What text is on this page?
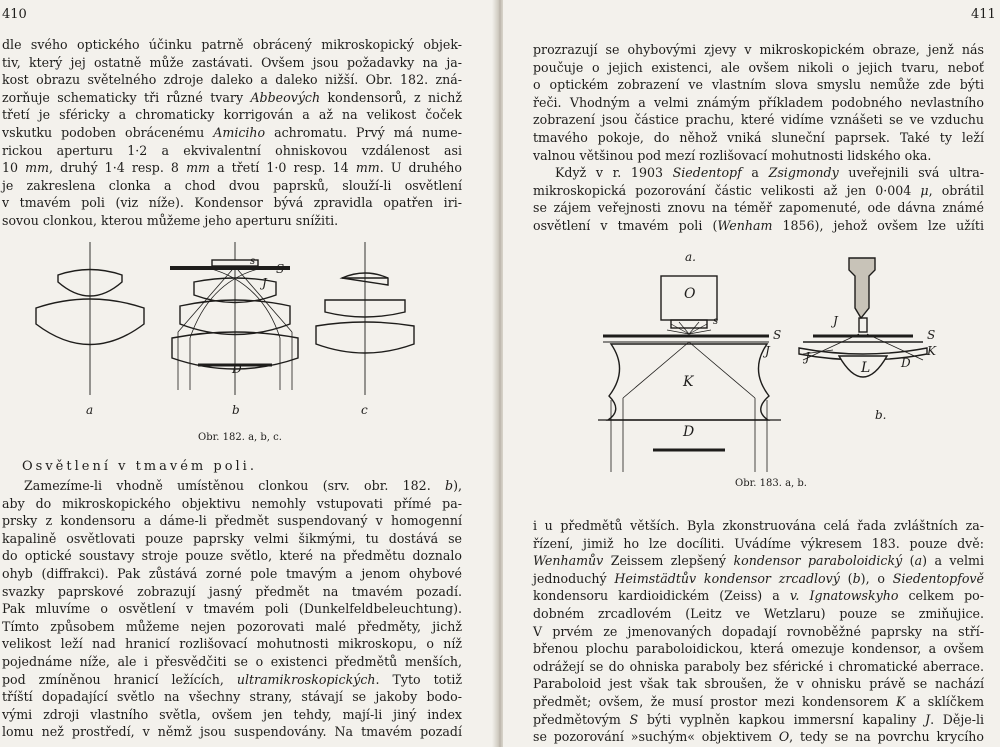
410

dle svého optického účinku patrně obrácený mikroskopický objek-

tiv, který jej ostatně může zastávati. Ovšem jsou požadavky na ja-

kost obrazu světelného zdroje daleko a daleko nižší. Obr. 182. zná-

zorňuje schematicky tři různé tvary Abbeových kondensorů, z nichž

třetí je sféricky a chromaticky korrigován a až na velikost čoček

vskutku podoben obrácenému Amiciho achromatu. Prvý má nume-

rickou aperturu 1·2 a ekvivalentní ohniskovou vzdálenost asi

10 mm, druhý 1·4 resp. 8 mm a třetí 1·0 resp. 14 mm. U druhého

je zakreslena clonka a chod dvou paprsků, slouží-li osvětlení

v tmavém poli (viz níže). Kondensor bývá zpravidla opatřen iri-

sovou clonkou, kterou můžeme jeho aperturu snížiti.

S
s
J
D
a	b	c
Obr. 182. a, b, c.
Osvětlení v tmavém poli.

Zamezíme-li vhodně umístěnou clonkou (srv. obr. 182. b),

aby do mikroskopického objektivu nemohly vstupovati přímé pa-

prsky z kondensoru a dáme-li předmět suspendovaný v homogenní

kapalině osvětlovati pouze paprsky velmi šikmými, tu dostává se

do optické soustavy stroje pouze světlo, které na předmětu doznalo

ohyb (diffrakci). Pak zůstává zorné pole tmavým a jenom ohybové

svazky paprskové zobrazují jasný předmět na tmavém pozadí.

Pak mluvíme o osvětlení v tmavém poli (Dunkelfeldbeleuchtung).

Tímto způsobem můžeme nejen pozorovati malé předměty, jichž

velikost leží nad hranicí rozlišovací mohutnosti mikroskopu, o níž

pojednáme níže, ale i přesvědčiti se o existenci předmětů menších,

pod zmíněnou hranicí ležících, ultramikroskopických. Tyto totiž

tříští dopadající světlo na všechny strany, stávají se jakoby bodo-

vými zdroji vlastního světla, ovšem jen tehdy, mají-li jiný index

lomu než prostředí, v němž jsou suspendovány. Na tmavém pozadí

411

prozrazují se ohybovými zjevy v mikroskopickém obraze, jenž nás

poučuje o jejich existenci, ale ovšem nikoli o jejich tvaru, neboť

o optickém zobrazení ve vlastním slova smyslu nemůže zde býti

řeči. Vhodným a velmi známým příkladem podobného nevlastního

zobrazení jsou částice prachu, které vidíme vznášeti se ve vzduchu

tmavého pokoje, do něhož vniká sluneční paprsek. Také ty leží

valnou většinou pod mezí rozlišovací mohutnosti lidského oka.

Když v r. 1903 Siedentopf a Zsigmondy uveřejnili svá ultra-

mikroskopická pozorování částic velikosti až jen 0·004 μ, obrátil

se zájem veřejnosti znovu na téměř zapomenuté, ode dávna známé

osvětlení v tmavém poli (Wenham 1856), jehož ovšem lze užíti

a.
O
s
S
J
K
D
J
S
K
J
L	D
b.
Obr. 183. a, b.

i u předmětů větších. Byla zkonstruována celá řada zvláštních za-

řízení, jimiž ho lze docíliti. Uvádíme výkresem 183. pouze dvě:

Wenhamův Zeissem zlepšený kondensor paraboloidický (a) a velmi

jednoduchý Heimstädtův kondensor zrcadlový (b), o Siedentopfově

kondensoru kardioidickém (Zeiss) a v. Ignatowskyho celkem po-

dobném zrcadlovém (Leitz ve Wetzlaru) pouze se zmiňujice.

V prvém ze jmenovaných dopadají rovnoběžné paprsky na stří-

břenou plochu paraboloidickou, která omezuje kondensor, a ovšem

odrážejí se do ohniska paraboly bez sférické i chromatické aberrace.

Paraboloid jest však tak sbroušen, že v ohnisku právě se nachází

předmět; ovšem, že musí prostor mezi kondensorem K a sklíčkem

předmětovým S býti vyplněn kapkou immersní kapaliny J. Děje-li

se pozorování »suchým« objektivem O, tedy se na povrchu krycího
